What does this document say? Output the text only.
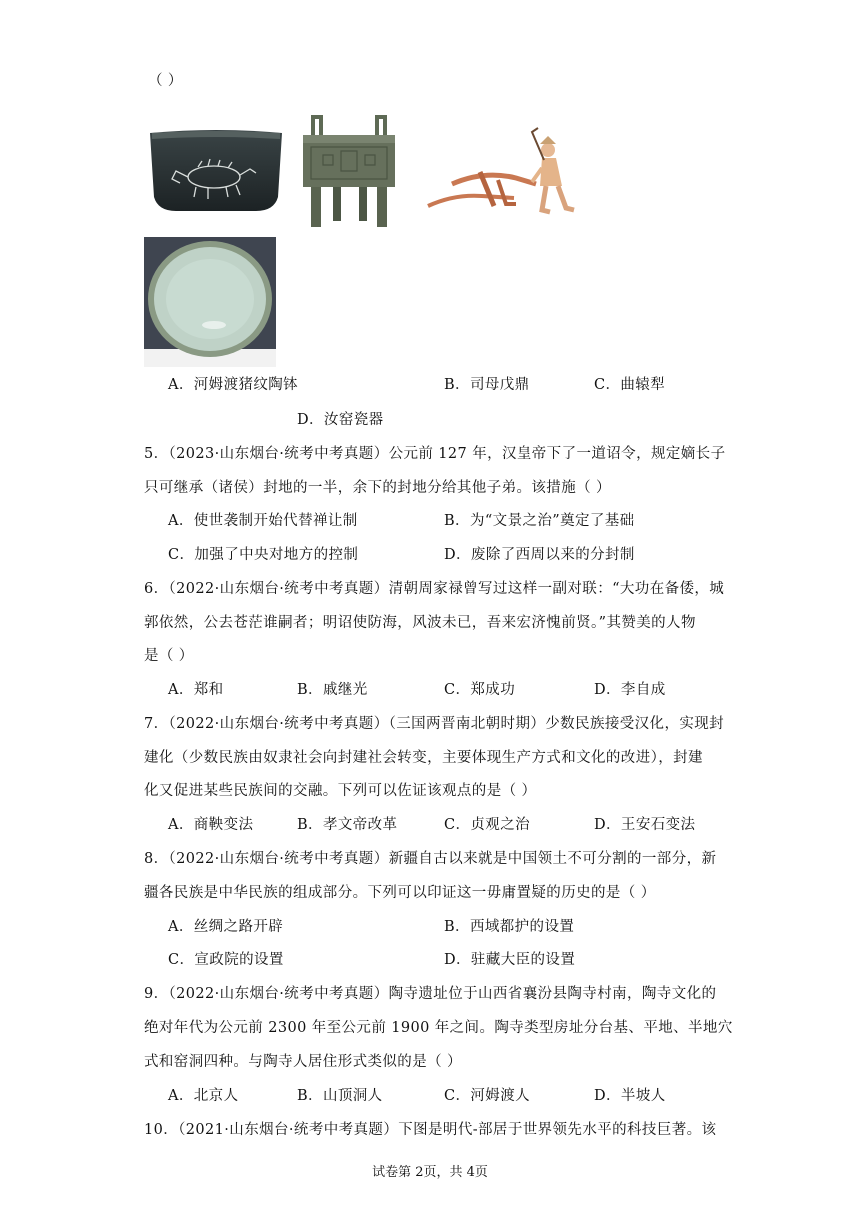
（ ）
A．河姆渡猪纹陶钵	B．司母戊鼎	C．曲辕犁
D．汝窑瓷器
5．（2023·山东烟台·统考中考真题）公元前 127 年，汉皇帝下了一道诏令，规定嫡长子
只可继承（诸侯）封地的一半，余下的封地分给其他子弟。该措施（ ）
A．使世袭制开始代替禅让制	B．为“文景之治”奠定了基础
C．加强了中央对地方的控制	D．废除了西周以来的分封制
6．（2022·山东烟台·统考中考真题）清朝周家禄曾写过这样一副对联：“大功在备倭，城
郭依然，公去苍茫谁嗣者；明诏使防海，风波未已，吾来宏济愧前贤。”其赞美的人物
是（ ）
A．郑和	B．戚继光	C．郑成功	D．李自成
7．（2022·山东烟台·统考中考真题）（三国两晋南北朝时期）少数民族接受汉化，实现封
建化（少数民族由奴隶社会向封建社会转变，主要体现生产方式和文化的改进），封建
化又促进某些民族间的交融。下列可以佐证该观点的是（ ）
A．商鞅变法	B．孝文帝改革	C．贞观之治	D．王安石变法
8．（2022·山东烟台·统考中考真题）新疆自古以来就是中国领土不可分割的一部分，新
疆各民族是中华民族的组成部分。下列可以印证这一毋庸置疑的历史的是（ ）
A．丝绸之路开辟	B．西域都护的设置
C．宣政院的设置	D．驻藏大臣的设置
9．（2022·山东烟台·统考中考真题）陶寺遗址位于山西省襄汾县陶寺村南，陶寺文化的
绝对年代为公元前 2300 年至公元前 1900 年之间。陶寺类型房址分台基、平地、半地穴
式和窑洞四种。与陶寺人居住形式类似的是（ ）
A．北京人	B．山顶洞人	C．河姆渡人	D．半坡人
10．（2021·山东烟台·统考中考真题）下图是明代-部居于世界领先水平的科技巨著。该
试卷第 2页，共 4页
